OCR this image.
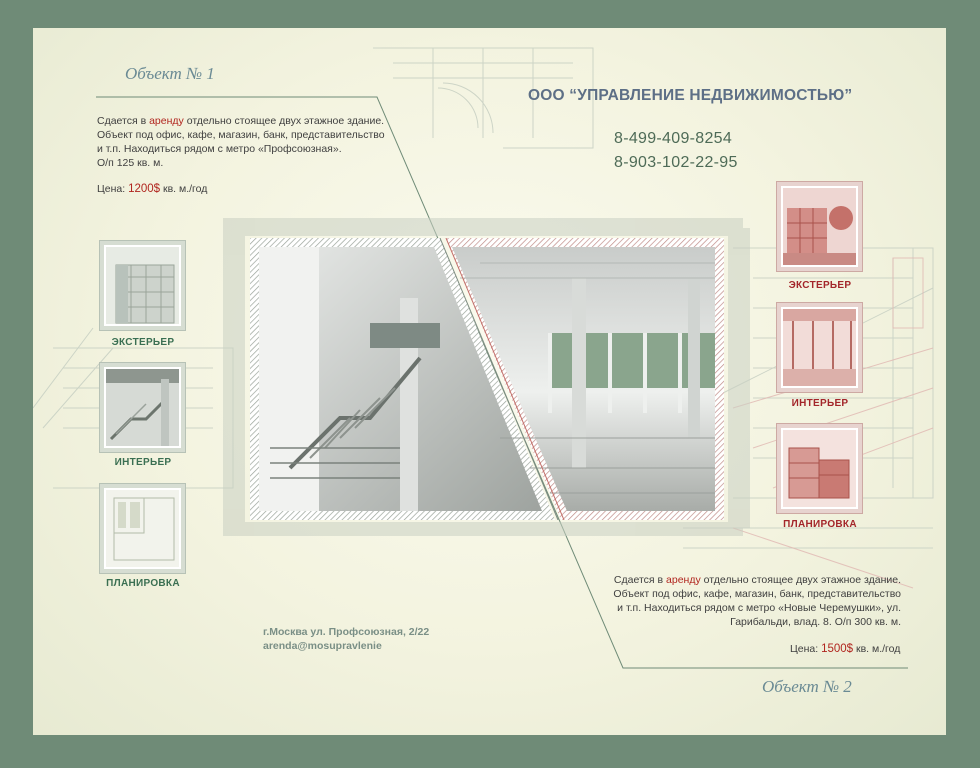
Объект № 1
Сдается в аренду отдельно стоящее двух этажное здание.
Объект под офис, кафе, магазин, банк, представительство
и т.п. Находиться рядом с метро «Профсоюзная».
О/п 125 кв. м.
Цена: 1200$ кв. м./год
ЭКСТЕРЬЕР
ИНТЕРЬЕР
ПЛАНИРОВКА
ООО “УПРАВЛЕНИЕ НЕДВИЖИМОСТЬЮ”
8-499-409-8254
8-903-102-22-95
ЭКСТЕРЬЕР
ИНТЕРЬЕР
ПЛАНИРОВКА
г.Москва ул. Профсоюзная, 2/22
arenda@mosupravlenie
Сдается в аренду отдельно стоящее двух этажное здание.
Объект под офис, кафе, магазин, банк, представительство
и т.п. Находиться рядом с метро «Новые Черемушки», ул.
Гарибальди, влад. 8. О/п 300 кв. м.
Цена: 1500$ кв. м./год
Объект № 2
